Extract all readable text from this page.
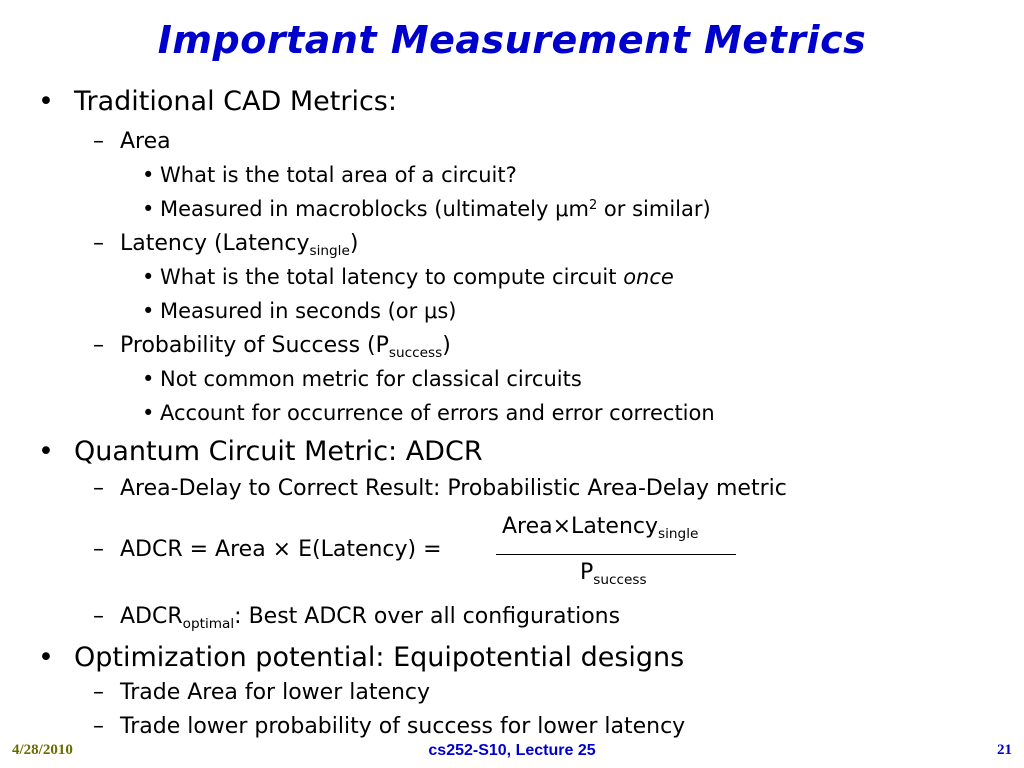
Important Measurement Metrics
• Traditional CAD Metrics:
– Area
• What is the total area of a circuit?
• Measured in macroblocks (ultimately $\mu m^2$ or similar)
– Latency (Latency$_{single}$)
• What is the total latency to compute circuit once
• Measured in seconds (or μs)
– Probability of Success $(P_{success})$
• Not common metric for classical circuits
• Account for occurrence of errors and error correction
• Quantum Circuit Metric: ADCR
– Area-Delay to Correct Result: Probabilistic Area-Delay metric
– ADCR = Area × E(Latency) =
Area×Latency$_{single}$
$P_{success}$
– $ADCR_{optimal}$: Best ADCR over all configurations
• Optimization potential: Equipotential designs
– Trade Area for lower latency
– Trade lower probability of success for lower latency
4/28/2010	cs252-S10, Lecture 25	21
